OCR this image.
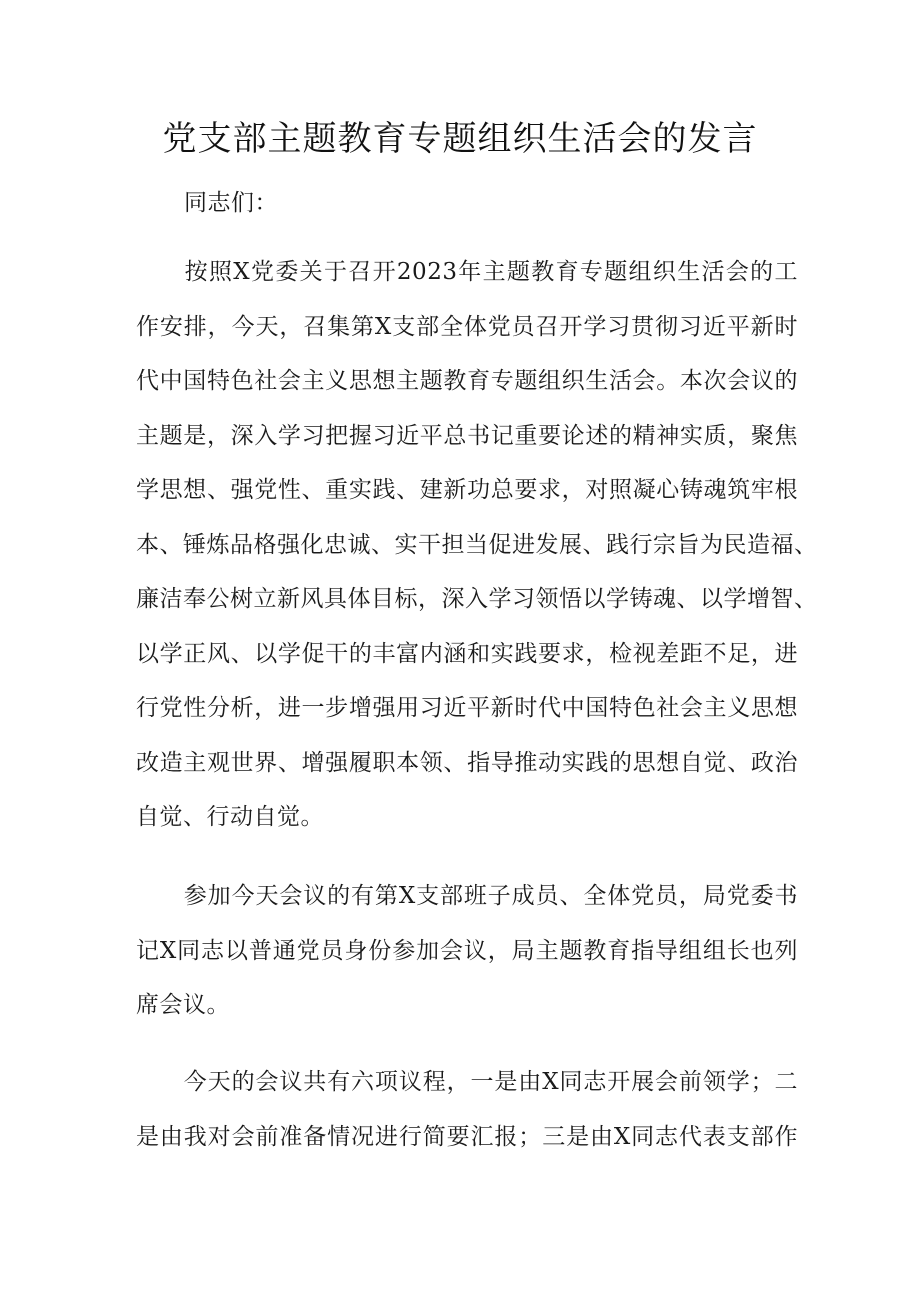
党支部主题教育专题组织生活会的发言
同志们：
　　按照X党委关于召开2023年主题教育专题组织生活会的工
作安排，今天，召集第X支部全体党员召开学习贯彻习近平新时
代中国特色社会主义思想主题教育专题组织生活会。本次会议的
主题是，深入学习把握习近平总书记重要论述的精神实质，聚焦
学思想、强党性、重实践、建新功总要求，对照凝心铸魂筑牢根
本、锤炼品格强化忠诚、实干担当促进发展、践行宗旨为民造福、
廉洁奉公树立新风具体目标，深入学习领悟以学铸魂、以学增智、
以学正风、以学促干的丰富内涵和实践要求，检视差距不足，进
行党性分析，进一步增强用习近平新时代中国特色社会主义思想
改造主观世界、增强履职本领、指导推动实践的思想自觉、政治
自觉、行动自觉。
　　参加今天会议的有第X支部班子成员、全体党员，局党委书
记X同志以普通党员身份参加会议，局主题教育指导组组长也列
席会议。
　　今天的会议共有六项议程，一是由X同志开展会前领学；二
是由我对会前准备情况进行简要汇报；三是由X同志代表支部作
